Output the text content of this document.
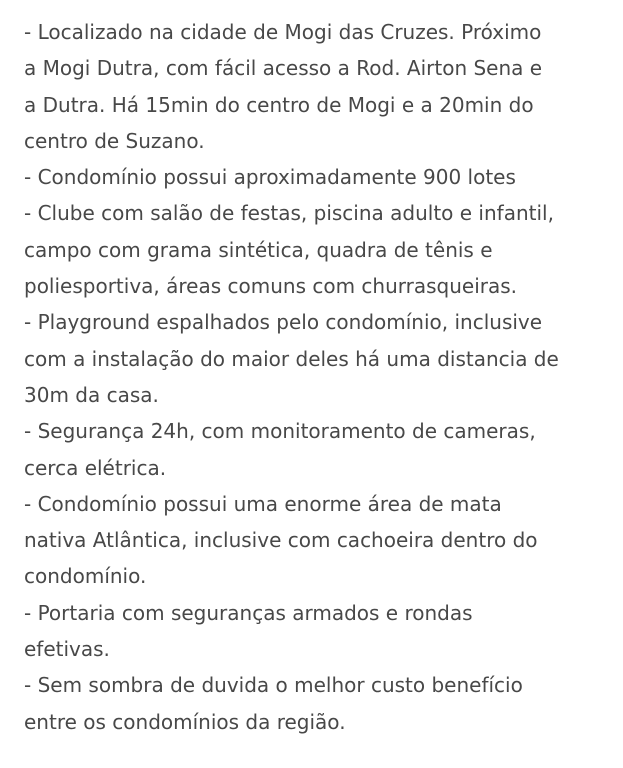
- Localizado na cidade de Mogi das Cruzes. Próximo
a Mogi Dutra, com fácil acesso a Rod. Airton Sena e
a Dutra. Há 15min do centro de Mogi e a 20min do
centro de Suzano.
- Condomínio possui aproximadamente 900 lotes
- Clube com salão de festas, piscina adulto e infantil,
campo com grama sintética, quadra de tênis e
poliesportiva, áreas comuns com churrasqueiras.
- Playground espalhados pelo condomínio, inclusive
com a instalação do maior deles há uma distancia de
30m da casa.
- Segurança 24h, com monitoramento de cameras,
cerca elétrica.
- Condomínio possui uma enorme área de mata
nativa Atlântica, inclusive com cachoeira dentro do
condomínio.
- Portaria com seguranças armados e rondas
efetivas.
- Sem sombra de duvida o melhor custo benefício
entre os condomínios da região.
